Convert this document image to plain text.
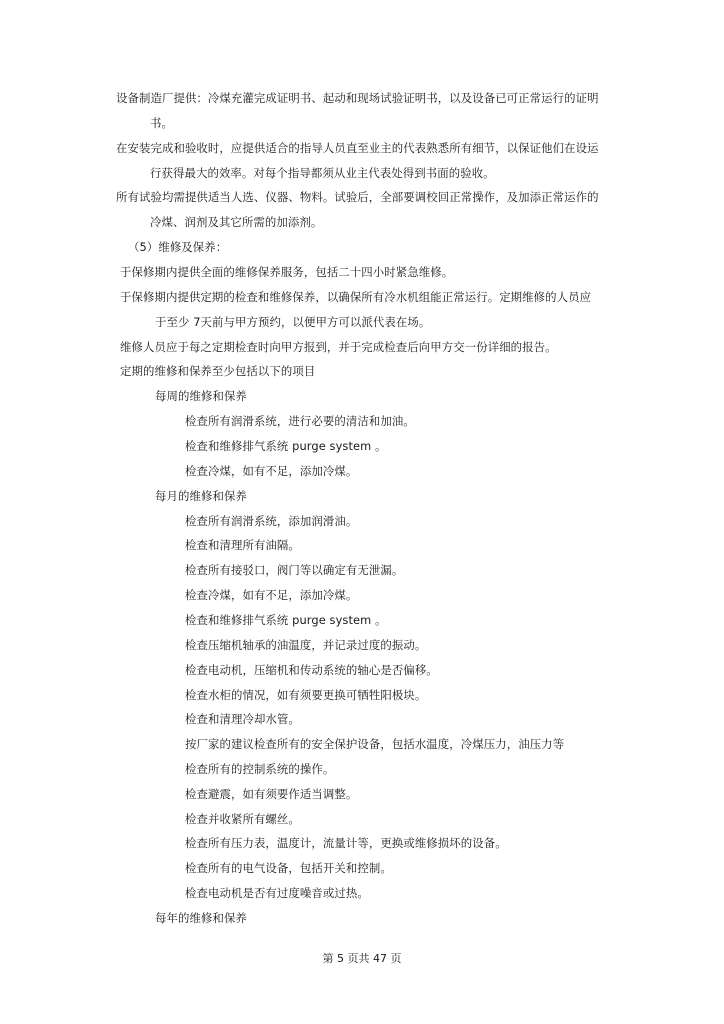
设备制造厂提供：冷煤充灌完成证明书、起动和现场试验证明书，以及设备已可正常运行的证明
书。
在安装完成和验收时，应提供适合的指导人员直至业主的代表熟悉所有细节，以保证他们在设运
行获得最大的效率。对每个指导都须从业主代表处得到书面的验收。
所有试验均需提供适当人选、仪器、物料。试验后，全部要调校回正常操作，及加添正常运作的
冷煤、润剂及其它所需的加添剂。
（5）维修及保养：
于保修期内提供全面的维修保养服务，包括二十四小时紧急维修。
于保修期内提供定期的检查和维修保养，以确保所有冷水机组能正常运行。定期维修的人员应
于至少 7天前与甲方预约，以便甲方可以派代表在场。
维修人员应于每之定期检查时向甲方报到，并于完成检查后向甲方交一份详细的报告。
定期的维修和保养至少包括以下的项目
每周的维修和保养
检查所有润滑系统，进行必要的清洁和加油。
检查和维修排气系统 purge system 。
检查冷煤，如有不足，添加冷煤。
每月的维修和保养
检查所有润滑系统，添加润滑油。
检查和清理所有油隔。
检查所有接驳口，阀门等以确定有无泄漏。
检查冷煤，如有不足，添加冷煤。
检查和维修排气系统 purge system 。
检查压缩机轴承的油温度，并记录过度的振动。
检查电动机，压缩机和传动系统的轴心是否偏移。
检查水柜的情况，如有须要更换可牺牲阳极块。
检查和清理冷却水管。
按厂家的建议检查所有的安全保护设备，包括水温度，冷煤压力，油压力等
检查所有的控制系统的操作。
检查避震，如有须要作适当调整。
检查并收紧所有螺丝。
检查所有压力表，温度计，流量计等，更换或维修损坏的设备。
检查所有的电气设备，包括开关和控制。
检查电动机是否有过度噪音或过热。
每年的维修和保养
第 5 页共 47 页
